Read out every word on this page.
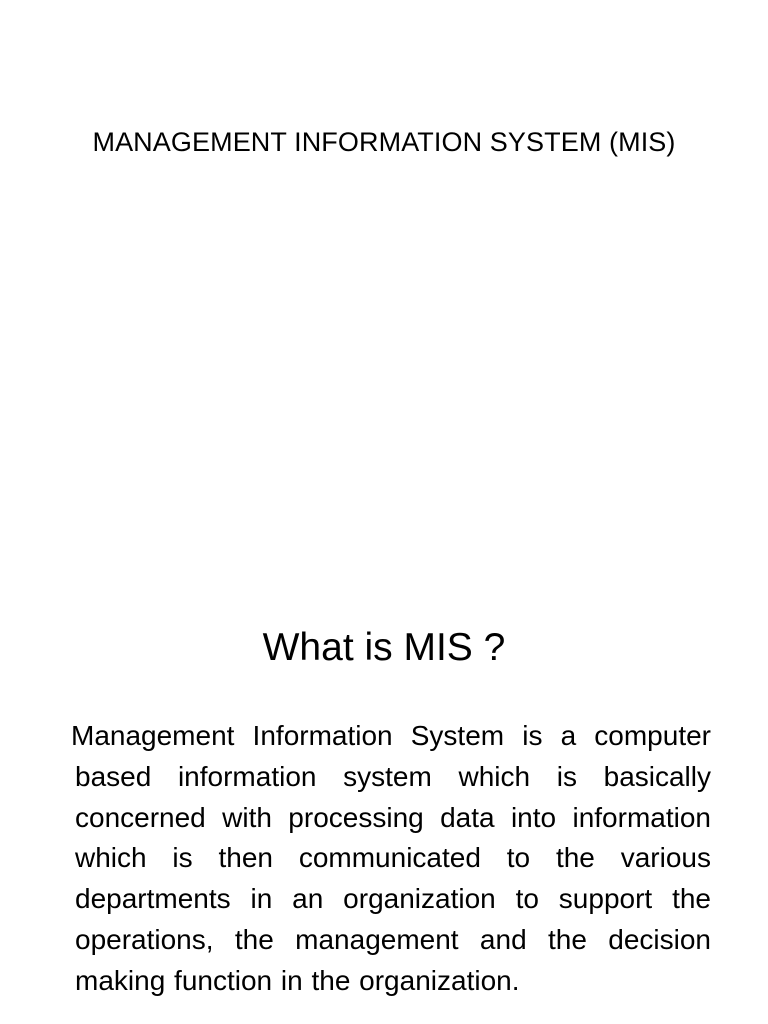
MANAGEMENT INFORMATION SYSTEM (MIS)
What is MIS ?

Management Information System is a computer based information system which is basically concerned with processing data into information which is then communicated to the various departments in an organization to support the operations, the management and the decision making function in the organization.
